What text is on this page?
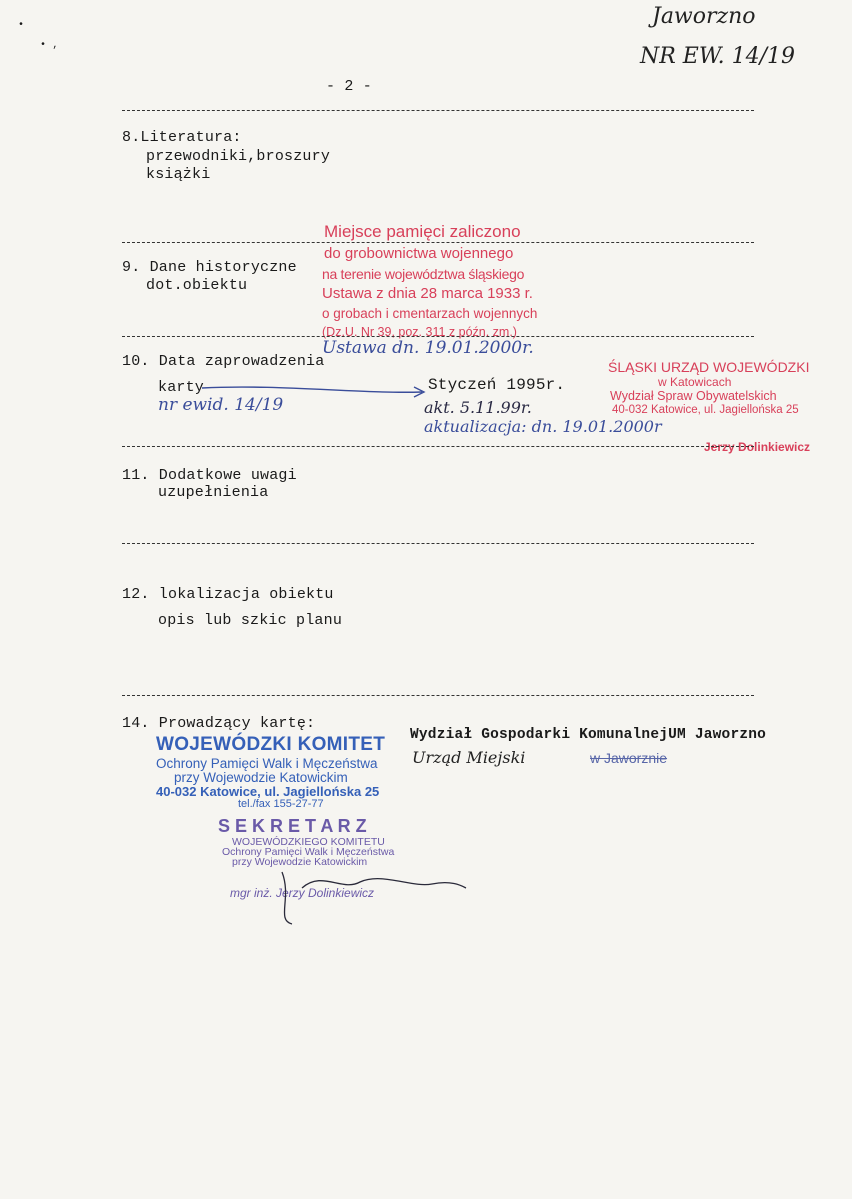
•
• ,
Jaworzno
NR EW. 14/19
- 2 -
8.Literatura:
przewodniki,broszury
książki
9. Dane historyczne
dot.obiektu
Miejsce pamięci zaliczono
do grobownictwa wojennego
na terenie województwa śląskiego
Ustawa z dnia 28 marca 1933 r.
o grobach i cmentarzach wojennych
(Dz.U. Nr 39, poz. 311 z późn. zm.)
Ustawa dn. 19.01.2000r.
10. Data zaprowadzenia
karty	Styczeń 1995r.
nr ewid. 14/19	akt. 5.11.99r.
aktualizacja: dn. 19.01.2000r
ŚLĄSKI URZĄD WOJEWÓDZKI
w Katowicach
Wydział Spraw Obywatelskich
40-032 Katowice, ul. Jagiellońska 25
Jerzy Dolinkiewicz
11. Dodatkowe uwagi
uzupełnienia
12. lokalizacja obiektu
opis lub szkic planu
14. Prowadzący kartę:
Wydział Gospodarki KomunalnejUM Jaworzno
Urząd Miejski	w Jaworznie
WOJEWÓDZKI KOMITET
Ochrony Pamięci Walk i Męczeństwa
przy Wojewodzie Katowickim
40-032 Katowice, ul. Jagiellońska 25
tel./fax 155-27-77
S E K R E T A R Z
WOJEWÓDZKIEGO KOMITETU
Ochrony Pamięci Walk i Męczeństwa
przy Wojewodzie Katowickim
mgr inż. Jerzy Dolinkiewicz
